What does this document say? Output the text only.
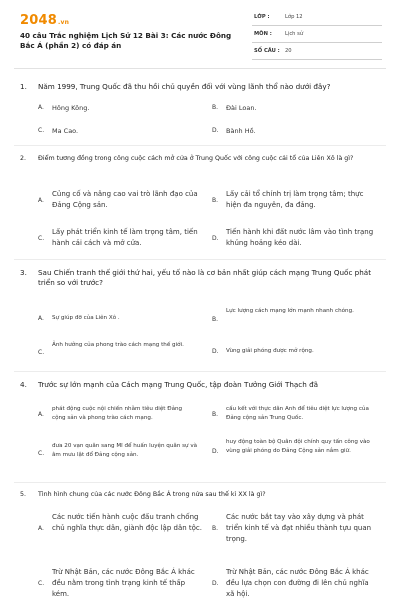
2048.vn
40 câu Trắc nghiệm Lịch Sử 12 Bài 3: Các nước Đông Bắc Á (phần 2) có đáp án
LỚP :	Lớp 12
MÔN :	Lịch sử
SỐ CÂU : 20
1. Năm 1999, Trung Quốc đã thu hồi chủ quyền đối với vùng lãnh thổ nào dưới đây?
A. Hông Kông.	B. Đài Loan.
C. Ma Cao.	D. Bành Hồ.
2. Điểm tương đồng trong công cuộc cách mở cửa ở Trung Quốc với công cuộc cải tổ của Liên Xô là gì?
A.
Củng cố và nâng cao vai trò lãnh đạo của Đảng Cộng sản.	B.
Lấy cải tổ chính trị làm trọng tâm; thực hiện đa nguyên, đa đảng.
C.
Lấy phát triển kinh tế làm trọng tâm, tiến hành cải cách và mở cửa.	D.
Tiến hành khi đất nước lâm vào tình trạng khủng hoảng kéo dài.
3. Sau Chiến tranh thế giới thứ hai, yếu tố nào là cơ bản nhất giúp cách mạng Trung Quốc phát triển so với trước?
A. Sự giúp đỡ của Liên Xô .	B.
Lực lượng cách mạng lớn mạnh nhanh chóng.
C.
Ảnh hưởng của phong trào cách mạng thế giới.
D. Vùng giải phóng được mở rộng.
4. Trước sự lớn mạnh của Cách mạng Trung Quốc, tập đoàn Tưởng Giới Thạch đã
A.
phát động cuộc nội chiến nhằm tiêu diệt Đảng cộng sản và phong trào cách mạng.	B.
cấu kết với thực dân Anh để tiêu diệt lực lượng của Đảng cộng sản Trung Quốc.
C.
đưa 20 vạn quân sang Mĩ để huấn luyện quân sự và âm mưu lật đổ Đảng cộng sản.	D.
huy động toàn bộ Quân đội chính quy tấn công vào vùng giải phóng do Đảng Cộng sản nắm giữ.
5. Tình hình chung của các nước Đông Bắc Á trong nửa sau thế kỉ XX là gì?
A.
Các nước tiến hành cuộc đấu tranh chống chủ nghĩa thực dân, giành độc lập dân tộc. B.
Các nước bắt tay vào xây dựng và phát triển kinh tế và đạt nhiều thành tựu quan trọng.
C.
Trừ Nhật Bản, các nước Đông Bắc Á khác đều nằm trong tình trạng kinh tế thấp kém.
D.
Trừ Nhật Bản, các nước Đông Bắc Á khác đều lựa chọn con đường đi lên chủ nghĩa xã hội.
